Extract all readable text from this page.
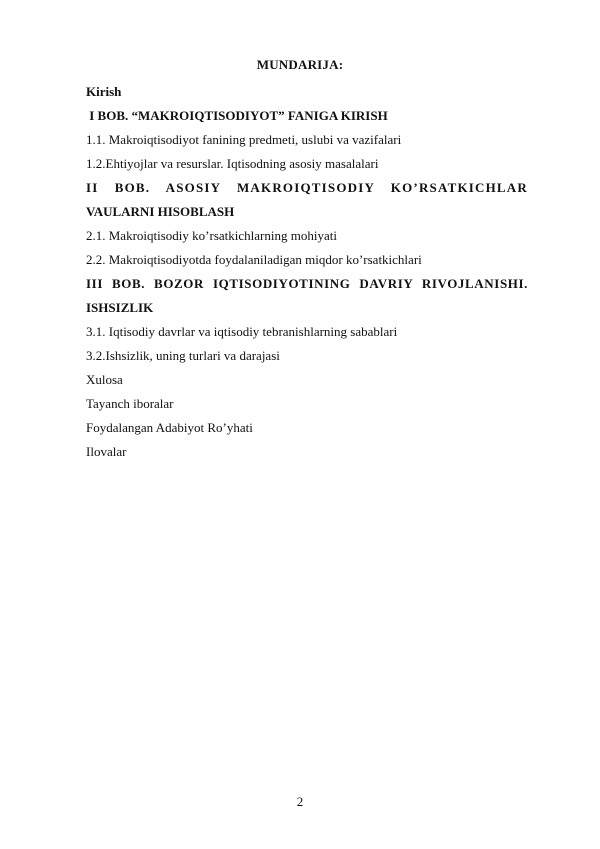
MUNDARIJA:
Kirish
I BOB. “MAKROIQTISODIYOT” FANIGA KIRISH
1.1. Makroiqtisodiyot fanining predmeti, uslubi va vazifalari
1.2.Ehtiyojlar va resurslar. Iqtisodning asosiy masalalari
II BOB. ASOSIY MAKROIQTISODIY KO’RSATKICHLAR
VAULARNI HISOBLASH
2.1. Makroiqtisodiy ko’rsatkichlarning mohiyati
2.2. Makroiqtisodiyotda foydalaniladigan miqdor ko’rsatkichlari
III BOB. BOZOR IQTISODIYOTINING DAVRIY RIVOJLANISHI.
ISHSIZLIK
3.1. Iqtisodiy davrlar va iqtisodiy tebranishlarning sabablari
3.2.Ishsizlik, uning turlari va darajasi
Xulosa
Tayanch iboralar
Foydalangan Adabiyot Ro’yhati
Ilovalar
2
